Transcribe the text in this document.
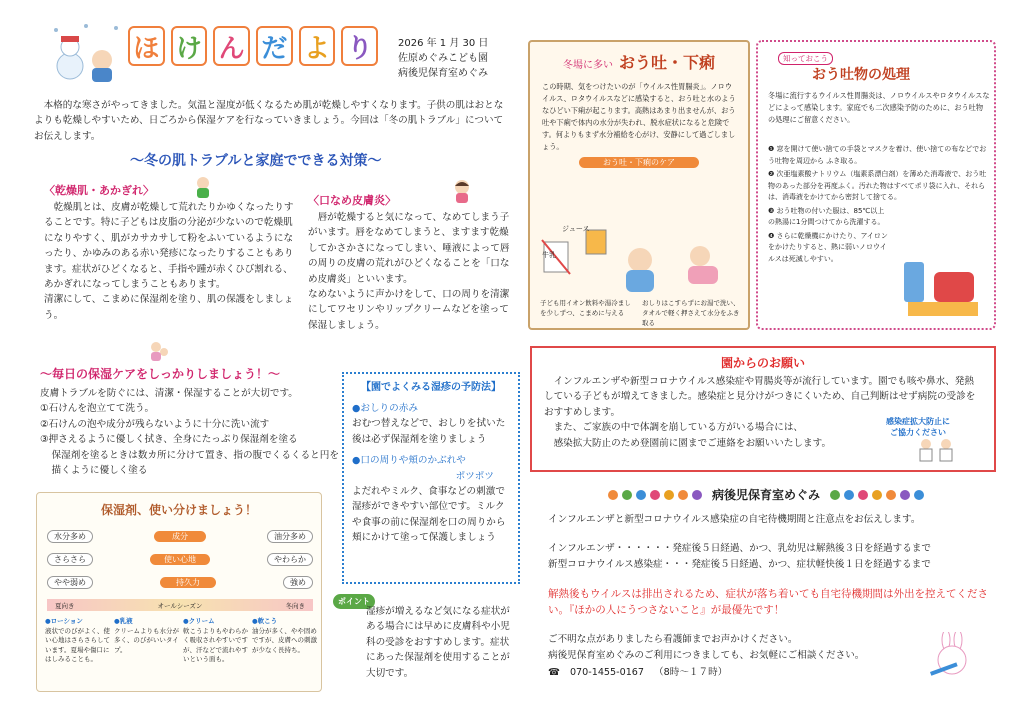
ほ け ん だ よ り	2026 年 1 月 30 日
佐原めぐみこども園
病後児保育室めぐみ

本格的な寒さがやってきました。気温と湿度が低くなるため肌が乾燥しやすくなります。子供の肌はおとなよりも乾燥しやすいため、日ごろから保湿ケアを行なっていきましょう。今回は「冬の肌トラブル」についてお伝えします。

～冬の肌トラブルと家庭でできる対策～
〈乾燥肌・あかぎれ〉

乾燥肌とは、皮膚が乾燥して荒れたりかゆくなったりすることです。特に子どもは皮脂の分泌が少ないので乾燥肌になりやすく、肌がカサカサして粉をふいているようになったり、かゆみのある赤い発疹になったりすることもあります。症状がひどくなると、手指や踵が赤くひび割れる、あかぎれになってしまうこともあります。

清潔にして、こまめに保湿剤を塗り、肌の保護をしましょう。

〈口なめ皮膚炎〉

唇が乾燥すると気になって、なめてしまう子がいます。唇をなめてしまうと、ますます乾燥してかさかさになってしまい、唾液によって唇の周りの皮膚の荒れがひどくなることを「口なめ皮膚炎」といいます。

なめないように声かけをして、口の周りを清潔にしてワセリンやリップクリームなどを塗って保湿しましょう。

～毎日の保湿ケアをしっかりしましょう！～

皮膚トラブルを防ぐには、清潔・保湿することが大切です。

①石けんを泡立てて洗う。

②石けんの泡や成分が残らないように十分に洗い流す

③押さえるように優しく拭き、全身にたっぷり保湿剤を塗る

保湿剤を塗るときは数カ所に分けて置き、指の腹でくるくると円を描くように優しく塗る

【園でよくみる湿疹の予防法】
●おしりの赤み

おむつ替えなどで、おしりを拭いた後は必ず保湿剤を塗りましょう

●口の周りや頬のかぶれや
ポツポツ

よだれやミルク、食事などの刺激で湿疹ができやすい部位です。ミルクや食事の前に保湿剤を口の周りから頬にかけて塗って保護しましょう

ポイント

湿疹が増えるなど気になる症状がある場合には早めに皮膚科や小児科の受診をおすすめします。症状にあった保湿剤を使用することが大切です。

保湿剤、使い分けましょう！
水分多め	成分	油分多め
さらさら	使い心地	やわらか
やや弱め	持久力	強め
夏向き	オールシーズン	冬向き
●ローション
液状でのびがよく、使い心地はさらさらしています。夏場や傷口にはしみることも。
●乳液
クリームよりも水分が多く、のびがいいタイプ。
●クリーム
軟こうよりもやわらかく吸収されやすいですが、汗などで流れやすいという面も。
●軟こう
油分が多く、やや固めですが、皮膚への刺激が少なく長持ち。
冬場に多い おう吐・下痢

この時期、気をつけたいのが「ウイルス性胃腸炎」。ノロウイルス、ロタウイルスなどに感染すると、おう吐と水のようなひどい下痢が起こります。高熱はあまり出ませんが、おう吐や下痢で体内の水分が失われ、脱水症状になると危険です。何よりもまず水分補給を心がけ、安静にして過ごしましょう。

おう吐・下痢のケア
ジュース
牛乳
子ども用イオン飲料や湯冷ましを少しずつ、こまめに与える
おしりはこすらずにお湯で洗い、タオルで軽く押さえて水分をふき取る
知っておこう
おう吐物の処理

冬場に流行するウイルス性胃腸炎は、ノロウイルスやロタウイルスなどによって感染します。家庭でも二次感染予防のために、おう吐物の処理にご留意ください。

❶ 窓を開けて使い捨ての手袋とマスクを着け、使い捨ての布などでおう吐物を周辺から ふき取る。

❷ 次亜塩素酸ナトリウム（塩素系漂白剤）を薄めた消毒液で、おう吐物のあった部分を再度ふく。汚れた物はすべてポリ袋に入れ、それらは、消毒液をかけてから密封して捨てる。

❸ おう吐物の付いた服は、85℃以上の熱湯に1分間つけてから洗濯する。

❹ さらに乾燥機にかけたり、アイロンをかけたりすると、熱に弱いノロウイルスは死滅しやすい。

園からのお願い

インフルエンザや新型コロナウイルス感染症や胃腸炎等が流行しています。園でも咳や鼻水、発熱している子どもが増えてきました。感染症と見分けがつきにくいため、自己判断はせず病院の受診をおすすめします。

また、ご家族の中で体調を崩している方がいる場合には、

感染拡大防止のため登園前に園までご連絡をお願いいたします。

感染症拡大防止に
ご協力ください
病後児保育室めぐみ

インフルエンザと新型コロナウイルス感染症の自宅待機期間と注意点をお伝えします。

インフルエンザ・・・・・・発症後５日経過、かつ、乳幼児は解熱後３日を経過するまで

新型コロナウイルス感染症・・・発症後５日経過、かつ、症状軽快後１日を経過するまで

解熱後もウイルスは排出されるため、症状が落ち着いても自宅待機期間は外出を控えてください。『ほかの人にうつさないこと』が最優先です！

ご不明な点がありましたら看護師までお声かけください。

病後児保育室めぐみのご利用につきましても、お気軽にご相談ください。

☎ 070-1455-0167 （8時～１７時）
